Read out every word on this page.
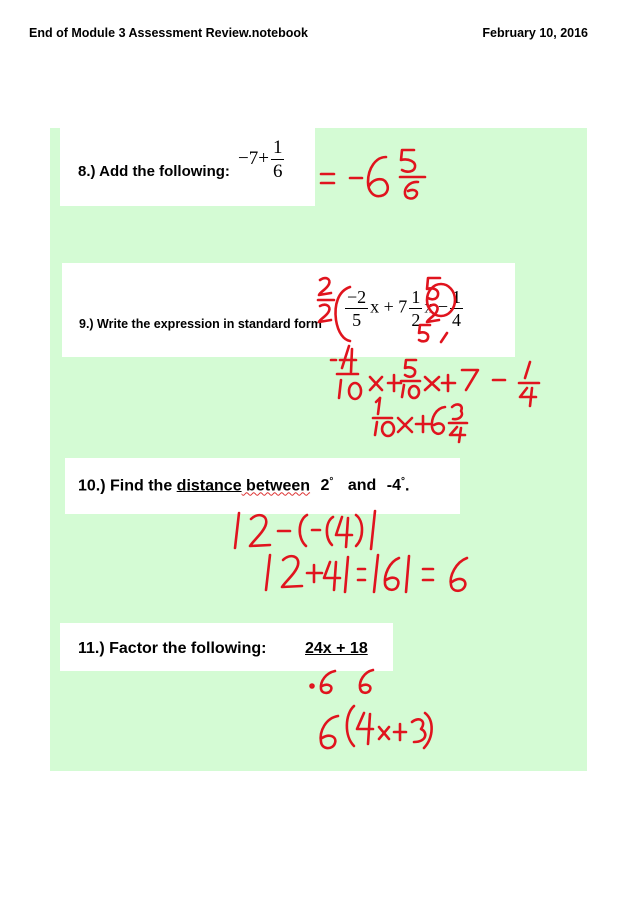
End of Module 3 Assessment Review.notebook	February 10, 2016
8.) Add the following:
$-7+ \frac{1}{6}$
9.) Write the expression in standard form	$\frac{-2}{5}$ $x + 7 \frac{1}{2}$ $x - \frac{1}{4}$
10.) Find the distance between 2° and -4°.
11.) Factor the following: 24x + 18
